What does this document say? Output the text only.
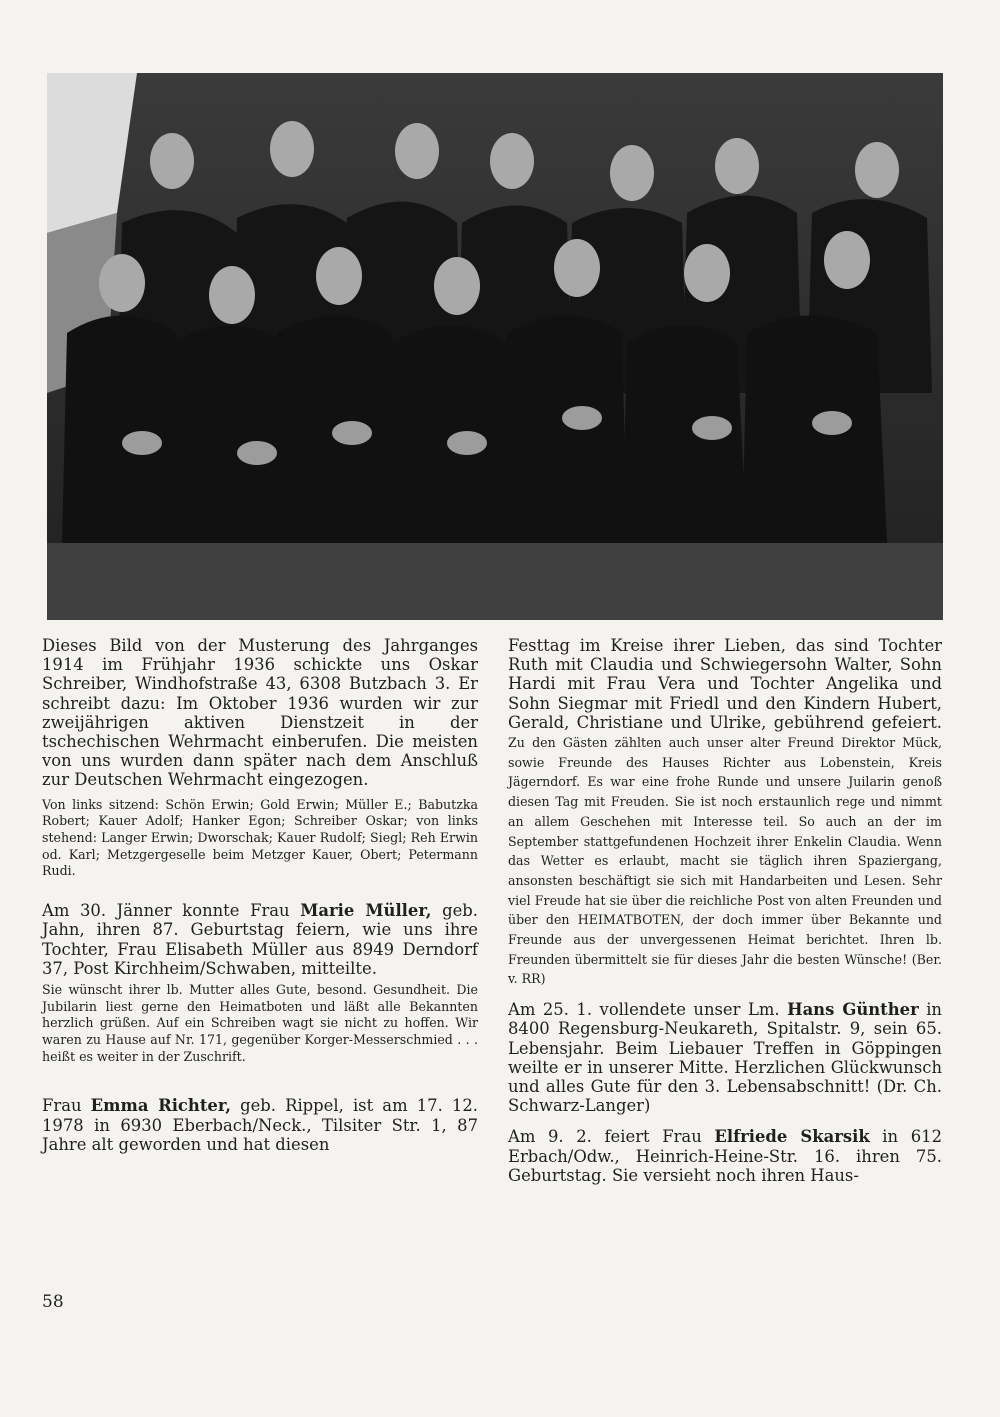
Dieses Bild von der Musterung des Jahrganges 1914 im Frühjahr 1936 schickte uns Oskar Schreiber, Windhofstraße 43, 6308 Butzbach 3. Er schreibt dazu: Im Oktober 1936 wurden wir zur zweijährigen aktiven Dienstzeit in der tschechischen Wehrmacht einberufen. Die meisten von uns wurden dann später nach dem Anschluß zur Deutschen Wehrmacht eingezogen.

Von links sitzend: Schön Erwin; Gold Erwin; Müller E.; Babutzka Robert; Kauer Adolf; Hanker Egon; Schreiber Oskar; von links stehend: Langer Erwin; Dworschak; Kauer Rudolf; Siegl; Reh Erwin od. Karl; Metzgergeselle beim Metzger Kauer, Obert; Petermann Rudi.

Am 30. Jänner konnte Frau Marie Müller, geb. Jahn, ihren 87. Geburtstag feiern, wie uns ihre Tochter, Frau Elisabeth Müller aus 8949 Derndorf 37, Post Kirchheim/Schwaben, mitteilte.

Sie wünscht ihrer lb. Mutter alles Gute, besond. Gesundheit. Die Jubilarin liest gerne den Heimatboten und läßt alle Bekannten herzlich grüßen. Auf ein Schreiben wagt sie nicht zu hoffen. Wir waren zu Hause auf Nr. 171, gegenüber Korger-Messerschmied . . . heißt es weiter in der Zuschrift.

Frau Emma Richter, geb. Rippel, ist am 17. 12. 1978 in 6930 Eberbach/Neck., Tilsiter Str. 1, 87 Jahre alt geworden und hat diesen

Festtag im Kreise ihrer Lieben, das sind Tochter Ruth mit Claudia und Schwiegersohn Walter, Sohn Hardi mit Frau Vera und Tochter Angelika und Sohn Siegmar mit Friedl und den Kindern Hubert, Gerald, Christiane und Ulrike, gebührend gefeiert. Zu den Gästen zählten auch unser alter Freund Direktor Mück, sowie Freunde des Hauses Richter aus Lobenstein, Kreis Jägerndorf. Es war eine frohe Runde und unsere Juilarin genoß diesen Tag mit Freuden. Sie ist noch erstaunlich rege und nimmt an allem Geschehen mit Interesse teil. So auch an der im September stattgefundenen Hochzeit ihrer Enkelin Claudia. Wenn das Wetter es erlaubt, macht sie täglich ihren Spaziergang, ansonsten beschäftigt sie sich mit Handarbeiten und Lesen. Sehr viel Freude hat sie über die reichliche Post von alten Freunden und über den HEIMATBOTEN, der doch immer über Bekannte und Freunde aus der unvergessenen Heimat berichtet. Ihren lb. Freunden übermittelt sie für dieses Jahr die besten Wünsche! (Ber. v. RR)

Am 25. 1. vollendete unser Lm. Hans Günther in 8400 Regensburg-Neukareth, Spitalstr. 9, sein 65. Lebensjahr. Beim Liebauer Treffen in Göppingen weilte er in unserer Mitte. Herzlichen Glückwunsch und alles Gute für den 3. Lebensabschnitt! (Dr. Ch. Schwarz-Langer)

Am 9. 2. feiert Frau Elfriede Skarsik in 612 Erbach/Odw., Heinrich-Heine-Str. 16. ihren 75. Geburtstag. Sie versieht noch ihren Haus-

58
